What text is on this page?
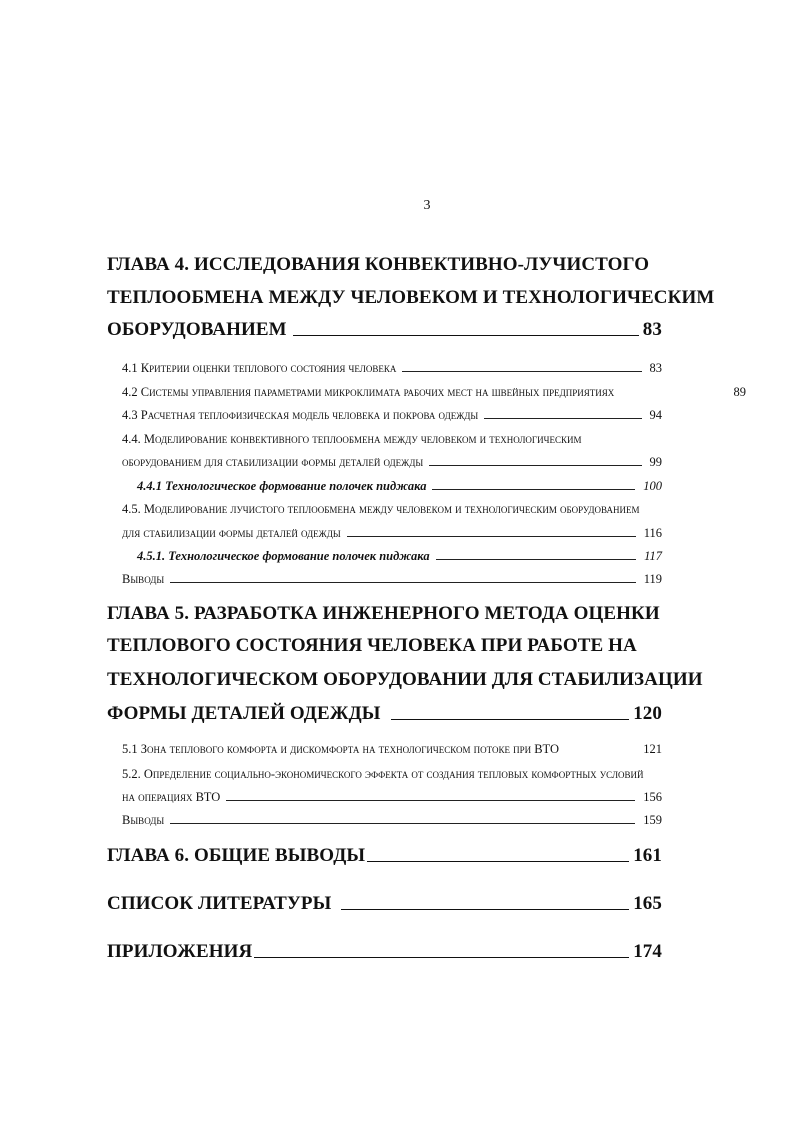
3
ГЛАВА 4. ИССЛЕДОВАНИЯ КОНВЕКТИВНО-ЛУЧИСТОГО
ТЕПЛООБМЕНА МЕЖДУ ЧЕЛОВЕКОМ И ТЕХНОЛОГИЧЕСКИМ
ОБОРУДОВАНИЕМ	83
4.1 Критерии оценки теплового состояния человека	83
4.2 Системы управления параметрами микроклимата рабочих мест на швейных предприятиях	89
4.3 Расчетная теплофизическая модель человека и покрова одежды	94
4.4. Моделирование конвективного теплообмена между человеком и технологическим
оборудованием для стабилизации формы деталей одежды	99
4.4.1 Технологическое формование полочек пиджака	100
4.5. Моделирование лучистого теплообмена между человеком и технологическим оборудованием
для стабилизации формы деталей одежды	116
4.5.1. Технологическое формование полочек пиджака	117
Выводы	119
ГЛАВА 5. РАЗРАБОТКА ИНЖЕНЕРНОГО МЕТОДА ОЦЕНКИ
ТЕПЛОВОГО СОСТОЯНИЯ ЧЕЛОВЕКА ПРИ РАБОТЕ НА
ТЕХНОЛОГИЧЕСКОМ ОБОРУДОВАНИИ ДЛЯ СТАБИЛИЗАЦИИ
ФОРМЫ ДЕТАЛЕЙ ОДЕЖДЫ	120
5.1 Зона теплового комфорта и дискомфорта на технологическом потоке при ВТО	121
5.2. Определение социально-экономического эффекта от создания тепловых комфортных условий
на операциях ВТО	156
Выводы	159
ГЛАВА 6. ОБЩИЕ ВЫВОДЫ	161
СПИСОК ЛИТЕРАТУРЫ	165
ПРИЛОЖЕНИЯ	174
